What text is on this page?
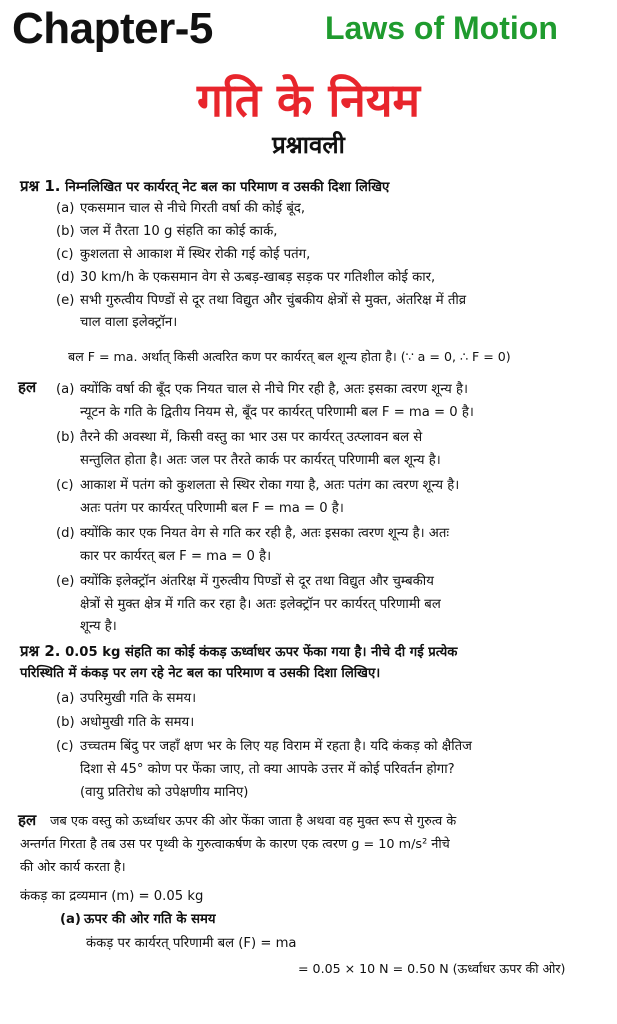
Chapter-5	Laws of Motion
गति के नियम
प्रश्नावली
प्रश्न 1. निम्नलिखित पर कार्यरत् नेट बल का परिमाण व उसकी दिशा लिखिए
(a) एकसमान चाल से नीचे गिरती वर्षा की कोई बूंद,
(b) जल में तैरता 10 g संहति का कोई कार्क,
(c) कुशलता से आकाश में स्थिर रोकी गई कोई पतंग,
(d) 30 km/h के एकसमान वेग से ऊबड़-खाबड़ सड़क पर गतिशील कोई कार,
(e) सभी गुरुत्वीय पिण्डों से दूर तथा विद्युत और चुंबकीय क्षेत्रों से मुक्त, अंतरिक्ष में तीव्र
चाल वाला इलेक्ट्रॉन।
बल F = ma. अर्थात् किसी अत्वरित कण पर कार्यरत् बल शून्य होता है। (∵ a = 0, ∴ F = 0)
हल (a) क्योंकि वर्षा की बूँद एक नियत चाल से नीचे गिर रही है, अतः इसका त्वरण शून्य है।
न्यूटन के गति के द्वितीय नियम से, बूँद पर कार्यरत् परिणामी बल F = ma = 0 है।
(b) तैरने की अवस्था में, किसी वस्तु का भार उस पर कार्यरत् उत्प्लावन बल से
सन्तुलित होता है। अतः जल पर तैरते कार्क पर कार्यरत् परिणामी बल शून्य है।
(c) आकाश में पतंग को कुशलता से स्थिर रोका गया है, अतः पतंग का त्वरण शून्य है।
अतः पतंग पर कार्यरत् परिणामी बल F = ma = 0 है।
(d) क्योंकि कार एक नियत वेग से गति कर रही है, अतः इसका त्वरण शून्य है। अतः
कार पर कार्यरत् बल F = ma = 0 है।
(e) क्योंकि इलेक्ट्रॉन अंतरिक्ष में गुरुत्वीय पिण्डों से दूर तथा विद्युत और चुम्बकीय
क्षेत्रों से मुक्त क्षेत्र में गति कर रहा है। अतः इलेक्ट्रॉन पर कार्यरत् परिणामी बल
शून्य है।
प्रश्न 2. 0.05 kg संहति का कोई कंकड़ ऊर्ध्वाधर ऊपर फेंका गया है। नीचे दी गई प्रत्येक
परिस्थिति में कंकड़ पर लग रहे नेट बल का परिमाण व उसकी दिशा लिखिए।
(a) उपरिमुखी गति के समय।
(b) अधोमुखी गति के समय।
(c) उच्चतम बिंदु पर जहाँ क्षण भर के लिए यह विराम में रहता है। यदि कंकड़ को क्षैतिज
दिशा से 45° कोण पर फेंका जाए, तो क्या आपके उत्तर में कोई परिवर्तन होगा?
(वायु प्रतिरोध को उपेक्षणीय मानिए)
हल जब एक वस्तु को ऊर्ध्वाधर ऊपर की ओर फेंका जाता है अथवा वह मुक्त रूप से गुरुत्व के
अन्तर्गत गिरता है तब उस पर पृथ्वी के गुरुत्वाकर्षण के कारण एक त्वरण g = 10 m/s² नीचे
की ओर कार्य करता है।
कंकड़ का द्रव्यमान (m) = 0.05 kg
(a) ऊपर की ओर गति के समय
कंकड़ पर कार्यरत् परिणामी बल (F) = ma
= 0.05 × 10 N = 0.50 N (ऊर्ध्वाधर ऊपर की ओर)
